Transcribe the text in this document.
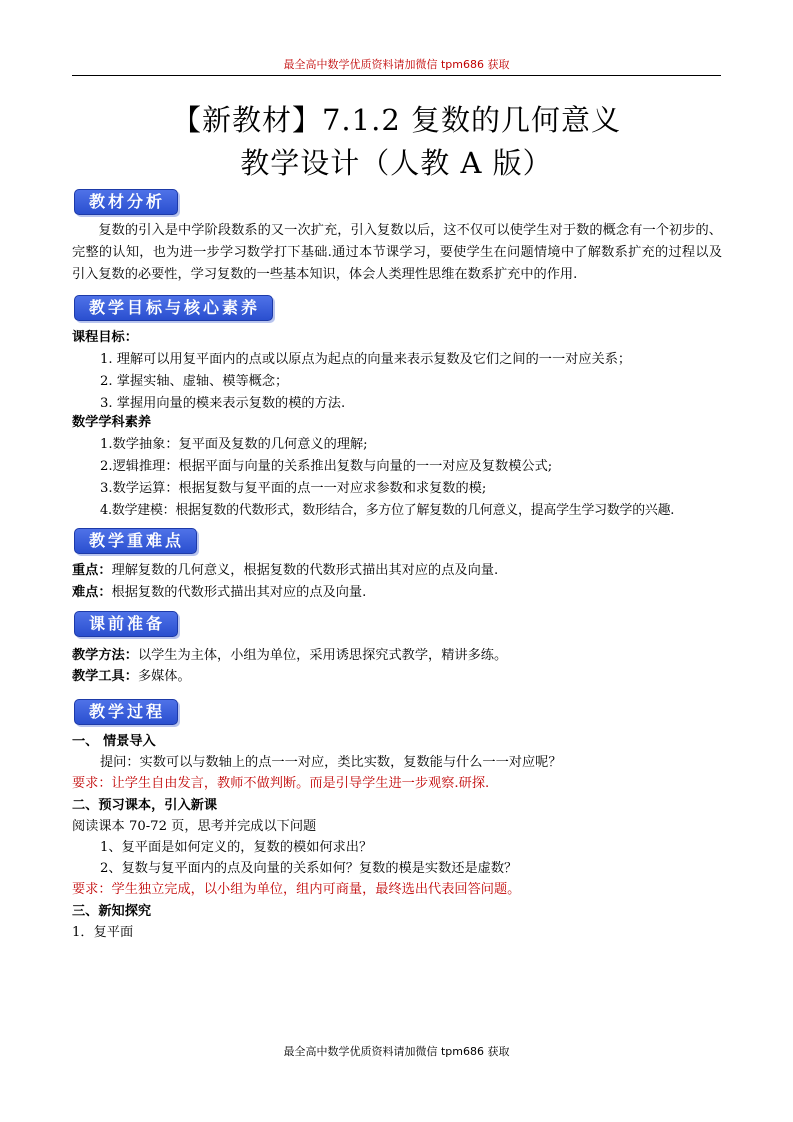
最全高中数学优质资料请加微信 tpm686 获取
【新教材】7.1.2 复数的几何意义
教学设计（人教 A 版）
教材分析
复数的引入是中学阶段数系的又一次扩充，引入复数以后，这不仅可以使学生对于数的概念有一个初步的、完整的认知，也为进一步学习数学打下基础.通过本节课学习，要使学生在问题情境中了解数系扩充的过程以及引入复数的必要性，学习复数的一些基本知识，体会人类理性思维在数系扩充中的作用.
教学目标与核心素养
课程目标：
1. 理解可以用复平面内的点或以原点为起点的向量来表示复数及它们之间的一一对应关系；
2. 掌握实轴、虚轴、模等概念；
3. 掌握用向量的模来表示复数的模的方法.
数学学科素养
1.数学抽象：复平面及复数的几何意义的理解;
2.逻辑推理：根据平面与向量的关系推出复数与向量的一一对应及复数模公式;
3.数学运算：根据复数与复平面的点一一对应求参数和求复数的模;
4.数学建模：根据复数的代数形式，数形结合，多方位了解复数的几何意义，提高学生学习数学的兴趣.
教学重难点
重点：理解复数的几何意义，根据复数的代数形式描出其对应的点及向量.
难点：根据复数的代数形式描出其对应的点及向量.
课前准备
教学方法：以学生为主体，小组为单位，采用诱思探究式教学，精讲多练。
教学工具：多媒体。
教学过程
一、 情景导入
提问：实数可以与数轴上的点一一对应，类比实数，复数能与什么一一对应呢？
要求：让学生自由发言，教师不做判断。而是引导学生进一步观察.研探.
二、预习课本，引入新课
阅读课本 70-72 页，思考并完成以下问题
1、复平面是如何定义的，复数的模如何求出？
2、复数与复平面内的点及向量的关系如何？复数的模是实数还是虚数？
要求：学生独立完成，以小组为单位，组内可商量，最终选出代表回答问题。
三、新知探究
1．复平面
最全高中数学优质资料请加微信 tpm686 获取
